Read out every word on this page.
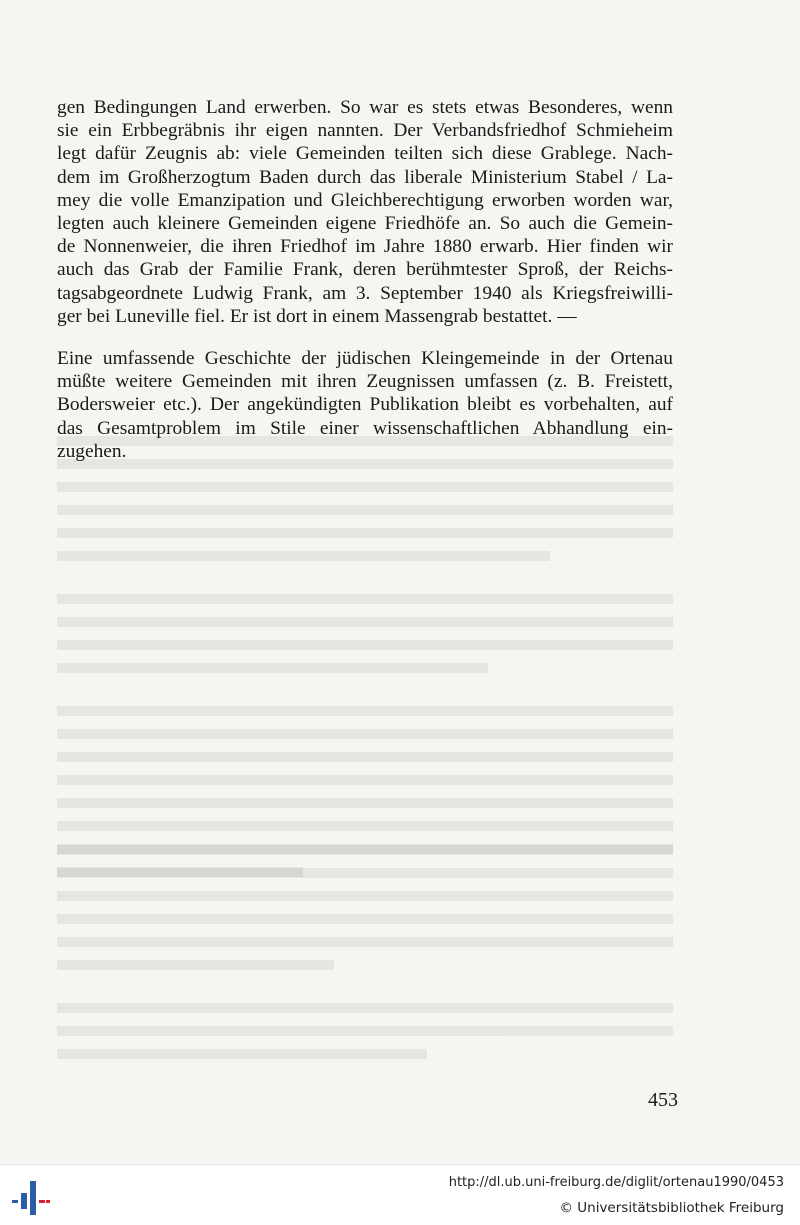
gen Bedingungen Land erwerben. So war es stets etwas Besonderes, wenn
sie ein Erbbegräbnis ihr eigen nannten. Der Verbandsfriedhof Schmieheim
legt dafür Zeugnis ab: viele Gemeinden teilten sich diese Grablege. Nach-
dem im Großherzogtum Baden durch das liberale Ministerium Stabel / La-
mey die volle Emanzipation und Gleichberechtigung erworben worden war,
legten auch kleinere Gemeinden eigene Friedhöfe an. So auch die Gemein-
de Nonnenweier, die ihren Friedhof im Jahre 1880 erwarb. Hier finden wir
auch das Grab der Familie Frank, deren berühmtester Sproß, der Reichs-
tagsabgeordnete Ludwig Frank, am 3. September 1940 als Kriegsfreiwilli-
ger bei Luneville fiel. Er ist dort in einem Massengrab bestattet. —

Eine umfassende Geschichte der jüdischen Kleingemeinde in der Ortenau
müßte weitere Gemeinden mit ihren Zeugnissen umfassen (z. B. Freistett,
Bodersweier etc.). Der angekündigten Publikation bleibt es vorbehalten, auf
das Gesamtproblem im Stile einer wissenschaftlichen Abhandlung ein-
zugehen.

453
http://dl.ub.uni-freiburg.de/diglit/ortenau1990/0453
© Universitätsbibliothek Freiburg
